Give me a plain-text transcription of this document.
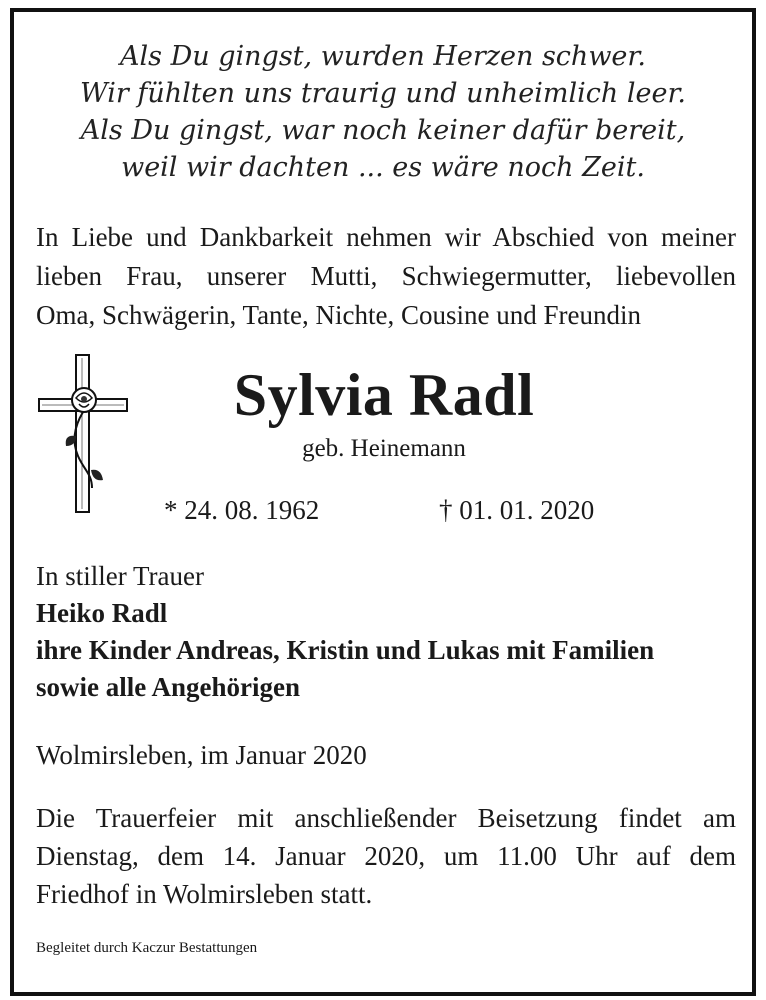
Als Du gingst, wurden Herzen schwer.
Wir fühlten uns traurig und unheimlich leer.
Als Du gingst, war noch keiner dafür bereit,
weil wir dachten ... es wäre noch Zeit.
In Liebe und Dankbarkeit nehmen wir Abschied von meiner
lieben Frau, unserer Mutti, Schwiegermutter, liebevollen
Oma, Schwägerin, Tante, Nichte, Cousine und Freundin
Sylvia Radl
geb. Heinemann
* 24. 08. 1962	† 01. 01. 2020
In stiller Trauer
Heiko Radl
ihre Kinder Andreas, Kristin und Lukas mit Familien
sowie alle Angehörigen
Wolmirsleben, im Januar 2020
Die Trauerfeier mit anschließender Beisetzung findet am
Dienstag, dem 14. Januar 2020, um 11.00 Uhr auf dem
Friedhof in Wolmirsleben statt.
Begleitet durch Kaczur Bestattungen
